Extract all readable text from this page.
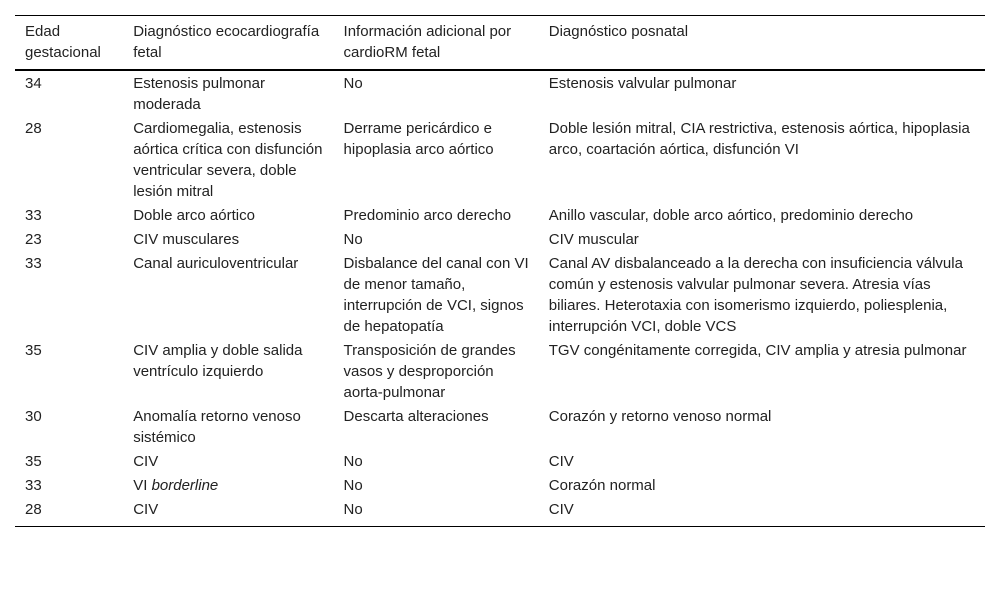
Edad gestacional	Diagnóstico ecocardiografía fetal	Información adicional por cardioRM fetal	Diagnóstico posnatal
34	Estenosis pulmonar moderada	No	Estenosis valvular pulmonar
28	Cardiomegalia, estenosis aórtica crítica con disfunción ventricular severa, doble lesión mitral	Derrame pericárdico e hipoplasia arco aórtico	Doble lesión mitral, CIA restrictiva, estenosis aórtica, hipoplasia arco, coartación aórtica, disfunción VI
33	Doble arco aórtico	Predominio arco derecho	Anillo vascular, doble arco aórtico, predominio derecho
23	CIV musculares	No	CIV muscular
33	Canal auriculoventricular	Disbalance del canal con VI de menor tamaño, interrupción de VCI, signos de hepatopatía	Canal AV disbalanceado a la derecha con insuficiencia válvula común y estenosis valvular pulmonar severa. Atresia vías biliares. Heterotaxia con isomerismo izquierdo, poliesplenia, interrupción VCI, doble VCS
35	CIV amplia y doble salida ventrículo izquierdo	Transposición de grandes vasos y desproporción aorta-pulmonar	TGV congénitamente corregida, CIV amplia y atresia pulmonar
30	Anomalía retorno venoso sistémico	Descarta alteraciones	Corazón y retorno venoso normal
35	CIV	No	CIV
33	VI borderline	No	Corazón normal
28	CIV	No	CIV
